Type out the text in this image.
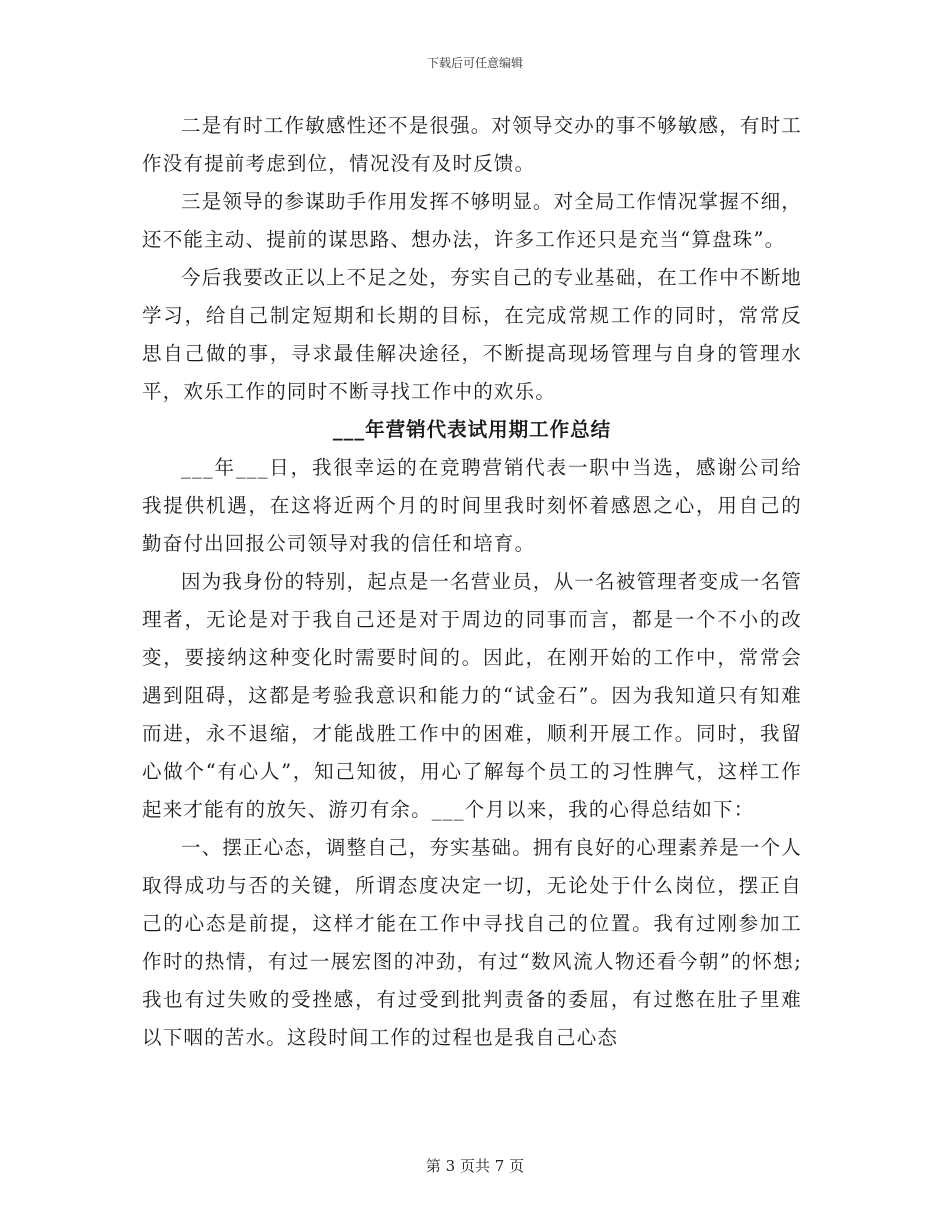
下载后可任意编辑

二是有时工作敏感性还不是很强。对领导交办的事不够敏感，有时工作没有提前考虑到位，情况没有及时反馈。

三是领导的参谋助手作用发挥不够明显。对全局工作情况掌握不细，还不能主动、提前的谋思路、想办法，许多工作还只是充当“算盘珠”。

今后我要改正以上不足之处，夯实自己的专业基础，在工作中不断地学习，给自己制定短期和长期的目标，在完成常规工作的同时，常常反思自己做的事，寻求最佳解决途径，不断提高现场管理与自身的管理水平，欢乐工作的同时不断寻找工作中的欢乐。

___年营销代表试用期工作总结

___年___日，我很幸运的在竞聘营销代表一职中当选，感谢公司给我提供机遇，在这将近两个月的时间里我时刻怀着感恩之心，用自己的勤奋付出回报公司领导对我的信任和培育。

因为我身份的特别，起点是一名营业员，从一名被管理者变成一名管理者，无论是对于我自己还是对于周边的同事而言，都是一个不小的改变，要接纳这种变化时需要时间的。因此，在刚开始的工作中，常常会遇到阻碍，这都是考验我意识和能力的“试金石”。因为我知道只有知难而进，永不退缩，才能战胜工作中的困难，顺利开展工作。同时，我留心做个“有心人”，知己知彼，用心了解每个员工的习性脾气，这样工作起来才能有的放矢、游刃有余。___个月以来，我的心得总结如下：

一、摆正心态，调整自己，夯实基础。拥有良好的心理素养是一个人取得成功与否的关键，所谓态度决定一切，无论处于什么岗位，摆正自己的心态是前提，这样才能在工作中寻找自己的位置。我有过刚参加工作时的热情，有过一展宏图的冲劲，有过“数风流人物还看今朝”的怀想;我也有过失败的受挫感，有过受到批判责备的委屈，有过憋在肚子里难以下咽的苦水。这段时间工作的过程也是我自己心态

第 3 页共 7 页
